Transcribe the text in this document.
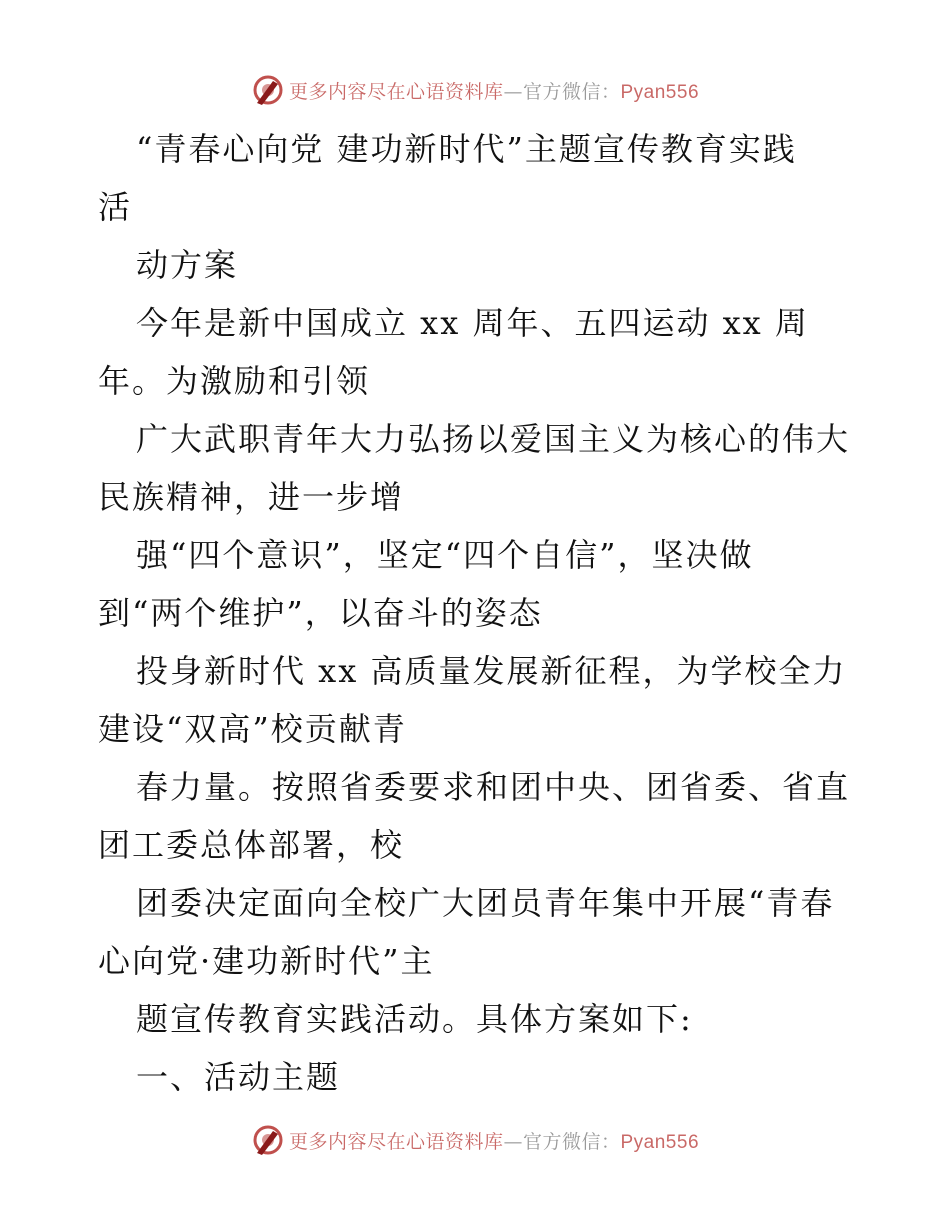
更多内容尽在心语资料库—官方微信：Pyan556
“青春心向党 建功新时代”主题宣传教育实践
活
动方案
今年是新中国成立 xx 周年、五四运动 xx 周
年。为激励和引领
广大武职青年大力弘扬以爱国主义为核心的伟大
民族精神，进一步增
强“四个意识”，坚定“四个自信”，坚决做
到“两个维护”，以奋斗的姿态
投身新时代 xx 高质量发展新征程，为学校全力
建设“双高”校贡献青
春力量。按照省委要求和团中央、团省委、省直
团工委总体部署，校
团委决定面向全校广大团员青年集中开展“青春
心向党·建功新时代”主
题宣传教育实践活动。具体方案如下:
一、活动主题
更多内容尽在心语资料库—官方微信：Pyan556
